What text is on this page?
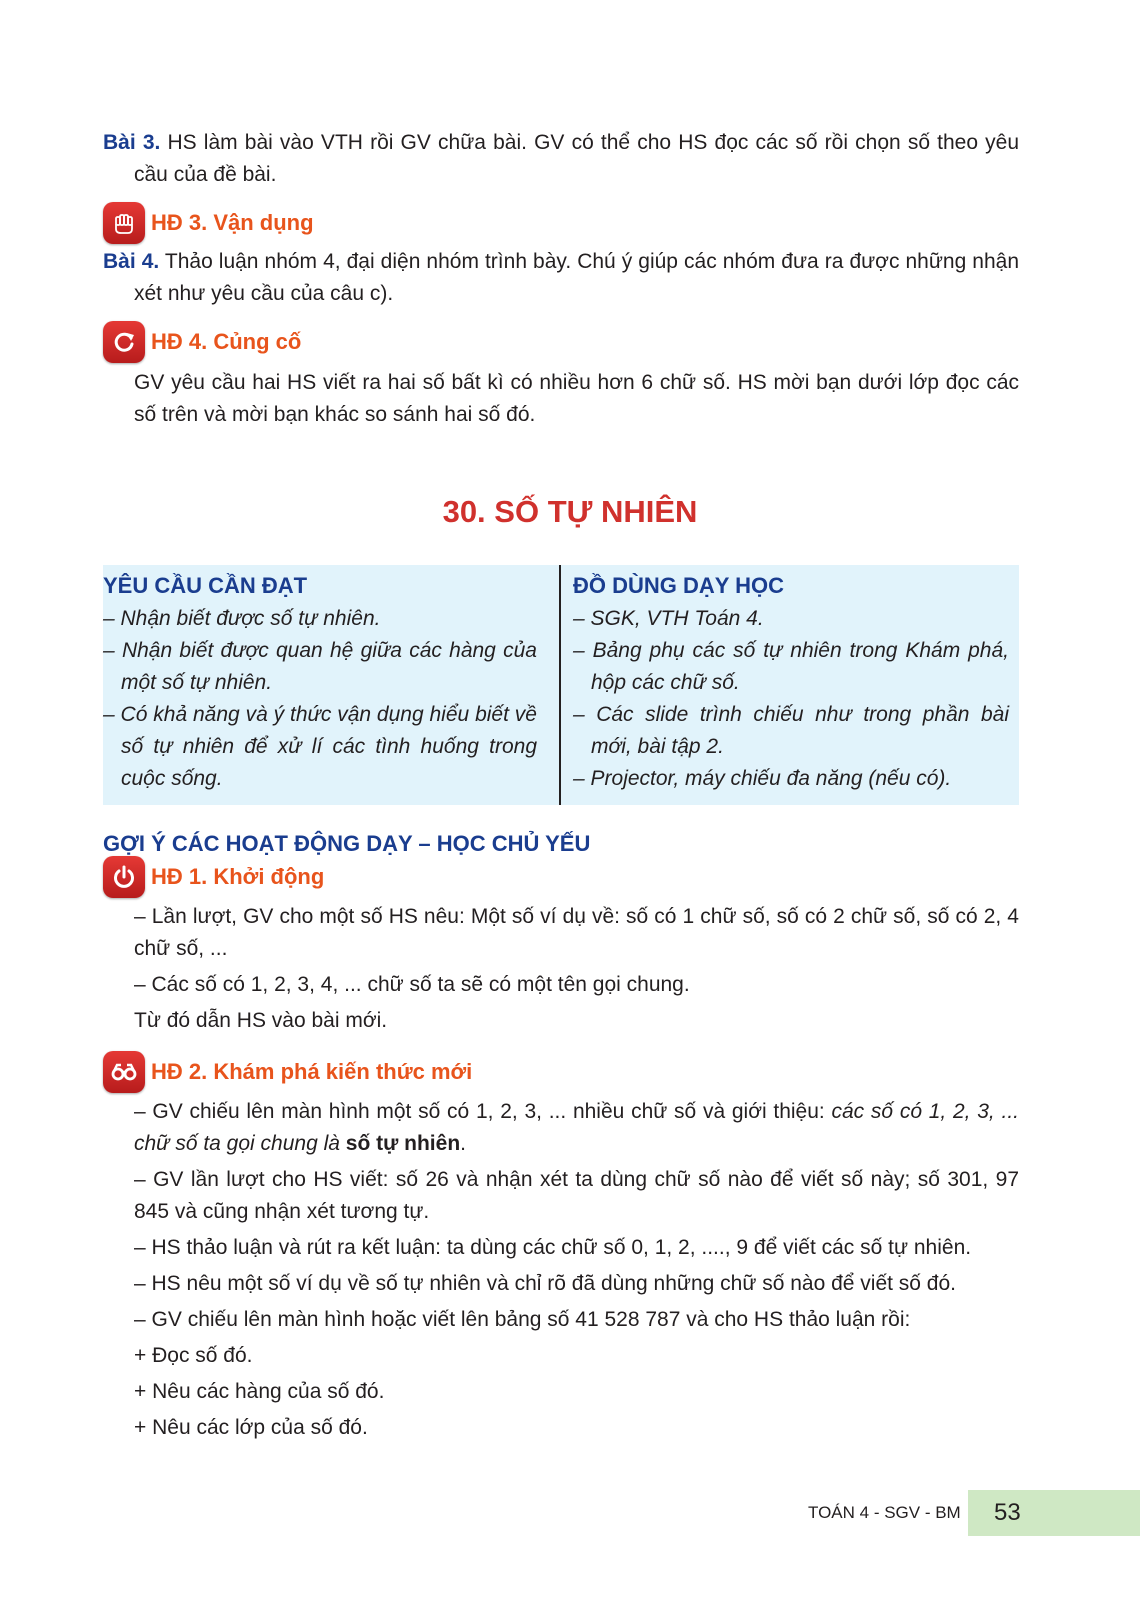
Bài 3. HS làm bài vào VTH rồi GV chữa bài. GV có thể cho HS đọc các số rồi chọn số theo yêu cầu của đề bài.

HĐ 3. Vận dụng

Bài 4. Thảo luận nhóm 4, đại diện nhóm trình bày. Chú ý giúp các nhóm đưa ra được những nhận xét như yêu cầu của câu c).

HĐ 4. Củng cố

GV yêu cầu hai HS viết ra hai số bất kì có nhiều hơn 6 chữ số. HS mời bạn dưới lớp đọc các số trên và mời bạn khác so sánh hai số đó.

30. SỐ TỰ NHIÊN
YÊU CẦU CẦN ĐẠT

– Nhận biết được số tự nhiên.

– Nhận biết được quan hệ giữa các hàng của một số tự nhiên.

– Có khả năng và ý thức vận dụng hiểu biết về số tự nhiên để xử lí các tình huống trong cuộc sống.

ĐỒ DÙNG DẠY HỌC

– SGK, VTH Toán 4.

– Bảng phụ các số tự nhiên trong Khám phá, hộp các chữ số.

– Các slide trình chiếu như trong phần bài mới, bài tập 2.

– Projector, máy chiếu đa năng (nếu có).

GỢI Ý CÁC HOẠT ĐỘNG DẠY – HỌC CHỦ YẾU
HĐ 1. Khởi động

– Lần lượt, GV cho một số HS nêu: Một số ví dụ về: số có 1 chữ số, số có 2 chữ số, số có 2, 4 chữ số, ...

– Các số có 1, 2, 3, 4, ... chữ số ta sẽ có một tên gọi chung.

Từ đó dẫn HS vào bài mới.

HĐ 2. Khám phá kiến thức mới

– GV chiếu lên màn hình một số có 1, 2, 3, ... nhiều chữ số và giới thiệu: các số có 1, 2, 3, ... chữ số ta gọi chung là số tự nhiên.

– GV lần lượt cho HS viết: số 26 và nhận xét ta dùng chữ số nào để viết số này; số 301, 97 845 và cũng nhận xét tương tự.

– HS thảo luận và rút ra kết luận: ta dùng các chữ số 0, 1, 2, ...., 9 để viết các số tự nhiên.

– HS nêu một số ví dụ về số tự nhiên và chỉ rõ đã dùng những chữ số nào để viết số đó.

– GV chiếu lên màn hình hoặc viết lên bảng số 41 528 787 và cho HS thảo luận rồi:

+ Đọc số đó.

+ Nêu các hàng của số đó.

+ Nêu các lớp của số đó.

TOÁN 4 - SGV - BM 53
